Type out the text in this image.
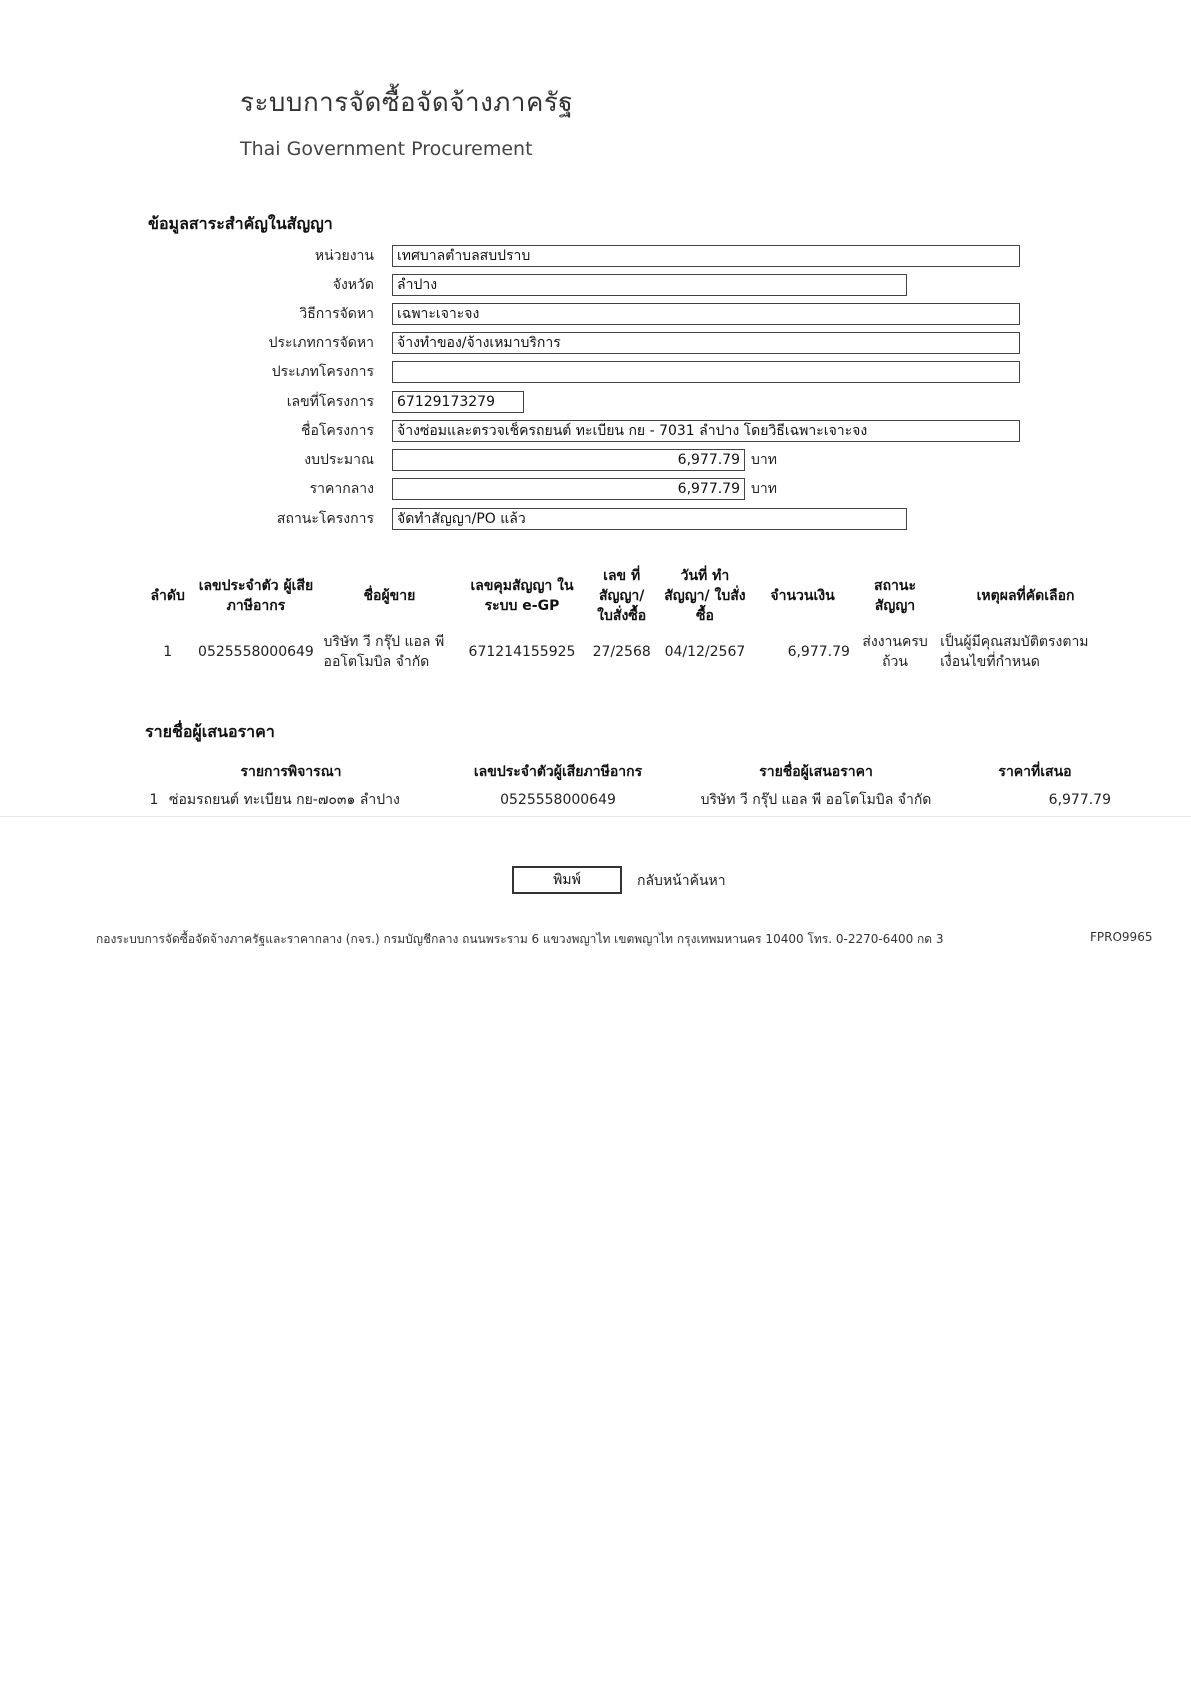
ระบบการจัดซื้อจัดจ้างภาครัฐ
Thai Government Procurement
ข้อมูลสาระสำคัญในสัญญา
หน่วยงาน	เทศบาลตำบลสบปราบ
จังหวัด	ลำปาง
วิธีการจัดหา	เฉพาะเจาะจง
ประเภทการจัดหา	จ้างทำของ/จ้างเหมาบริการ
ประเภทโครงการ
เลขที่โครงการ	67129173279
ชื่อโครงการ	จ้างซ่อมและตรวจเช็ครถยนต์ ทะเบียน กย - 7031 ลำปาง โดยวิธีเฉพาะเจาะจง
งบประมาณ	6,977.79 บาท
ราคากลาง	6,977.79 บาท
สถานะโครงการ	จัดทำสัญญา/PO แล้ว
ลำดับ	เลขประจำตัว ผู้เสียภาษีอากร	ชื่อผู้ขาย	เลขคุมสัญญา ในระบบ e-GP	เลข ที่สัญญา/ ใบสั่งซื้อ	วันที่ ทำสัญญา/ ใบสั่งซื้อ	จำนวนเงิน	สถานะ สัญญา	เหตุผลที่คัดเลือก
1	0525558000649	บริษัท วี กรุ๊ป แอล พี ออโตโมบิล จำกัด	671214155925	27/2568	04/12/2567	6,977.79	ส่งงานครบถ้วน	เป็นผู้มีคุณสมบัติตรงตามเงื่อนไขที่กำหนด
รายชื่อผู้เสนอราคา
รายการพิจารณา		เลขประจำตัวผู้เสียภาษีอากร	รายชื่อผู้เสนอราคา	ราคาที่เสนอ
1	ซ่อมรถยนต์ ทะเบียน กย-๗๐๓๑ ลำปาง	0525558000649	บริษัท วี กรุ๊ป แอล พี ออโตโมบิล จำกัด	6,977.79
พิมพ์	กลับหน้าค้นหา
กองระบบการจัดซื้อจัดจ้างภาครัฐและราคากลาง (กจร.) กรมบัญชีกลาง ถนนพระราม 6 แขวงพญาไท เขตพญาไท กรุงเทพมหานคร 10400 โทร. 0-2270-6400 กด 3	FPRO9965
